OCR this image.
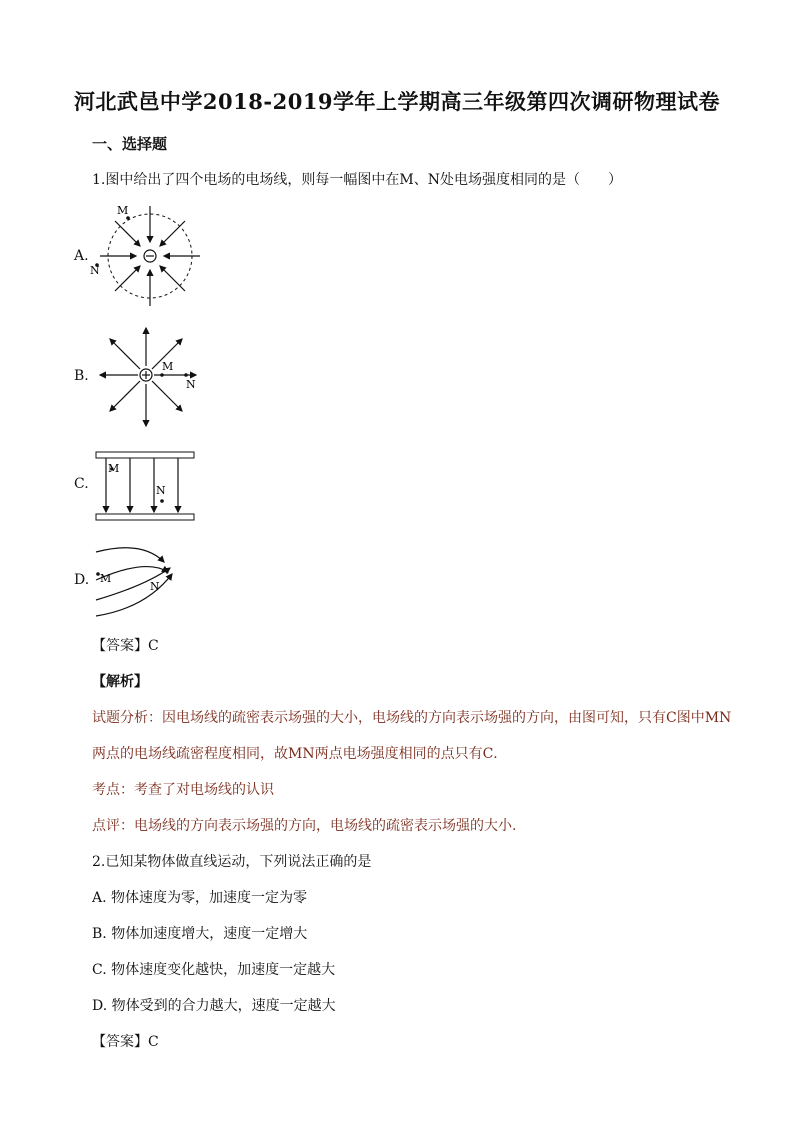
河北武邑中学2018-2019学年上学期高三年级第四次调研物理试卷
一、选择题
1.图中给出了四个电场的电场线，则每一幅图中在M、N处电场强度相同的是（　　）
A.
M
N
B.
M
N
C.
M
N
D. M
N
【答案】C
【解析】
试题分析：因电场线的疏密表示场强的大小，电场线的方向表示场强的方向，由图可知，只有C图中MN
两点的电场线疏密程度相同，故MN两点电场强度相同的点只有C．
考点：考查了对电场线的认识
点评：电场线的方向表示场强的方向，电场线的疏密表示场强的大小.
2.已知某物体做直线运动，下列说法正确的是
A. 物体速度为零，加速度一定为零
B. 物体加速度增大，速度一定增大
C. 物体速度变化越快，加速度一定越大
D. 物体受到的合力越大，速度一定越大
【答案】C
